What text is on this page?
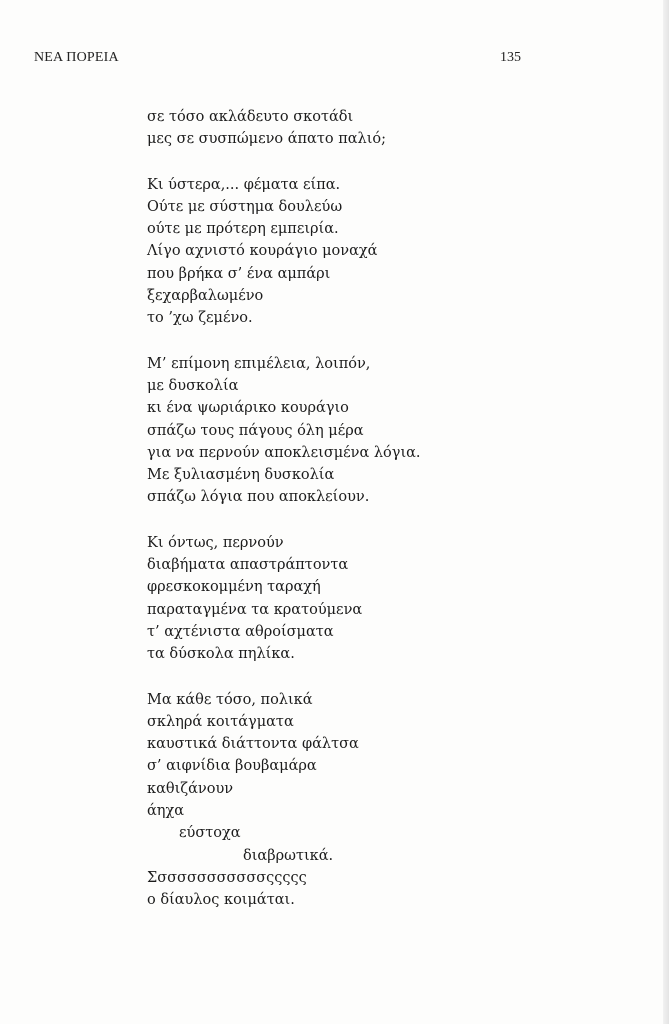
ΝΕΑ ΠΟΡΕΙΑ	135
σε τόσο ακλάδευτο σκοτάδι
μες σε συσπώμενο άπατο παλιό;
Κι ύστερα,... φέματα είπα.
Ούτε με σύστημα δουλεύω
ούτε με πρότερη εμπειρία.
Λίγο αχνιστό κουράγιο μοναχά
που βρήκα σ’ ένα αμπάρι
ξεχαρβαλωμένο
το ’χω ζεμένο.
Μ’ επίμονη επιμέλεια, λοιπόν,
με δυσκολία
κι ένα ψωριάρικο κουράγιο
σπάζω τους πάγους όλη μέρα
για να περνούν αποκλεισμένα λόγια.
Με ξυλιασμένη δυσκολία
σπάζω λόγια που αποκλείουν.
Κι όντως, περνούν
διαβήματα απαστράπτοντα
φρεσκοκομμένη ταραχή
παραταγμένα τα κρατούμενα
τ’ αχτένιστα αθροίσματα
τα δύσκολα πηλίκα.
Μα κάθε τόσο, πολικά
σκληρά κοιτάγματα
καυστικά διάττοντα φάλτσα
σ’ αιφνίδια βουβαμάρα
καθιζάνουν
άηχα
εύστοχα
διαβρωτικά.
Σσσσσσσσσσσσςςςςς
ο δίαυλος κοιμάται.
